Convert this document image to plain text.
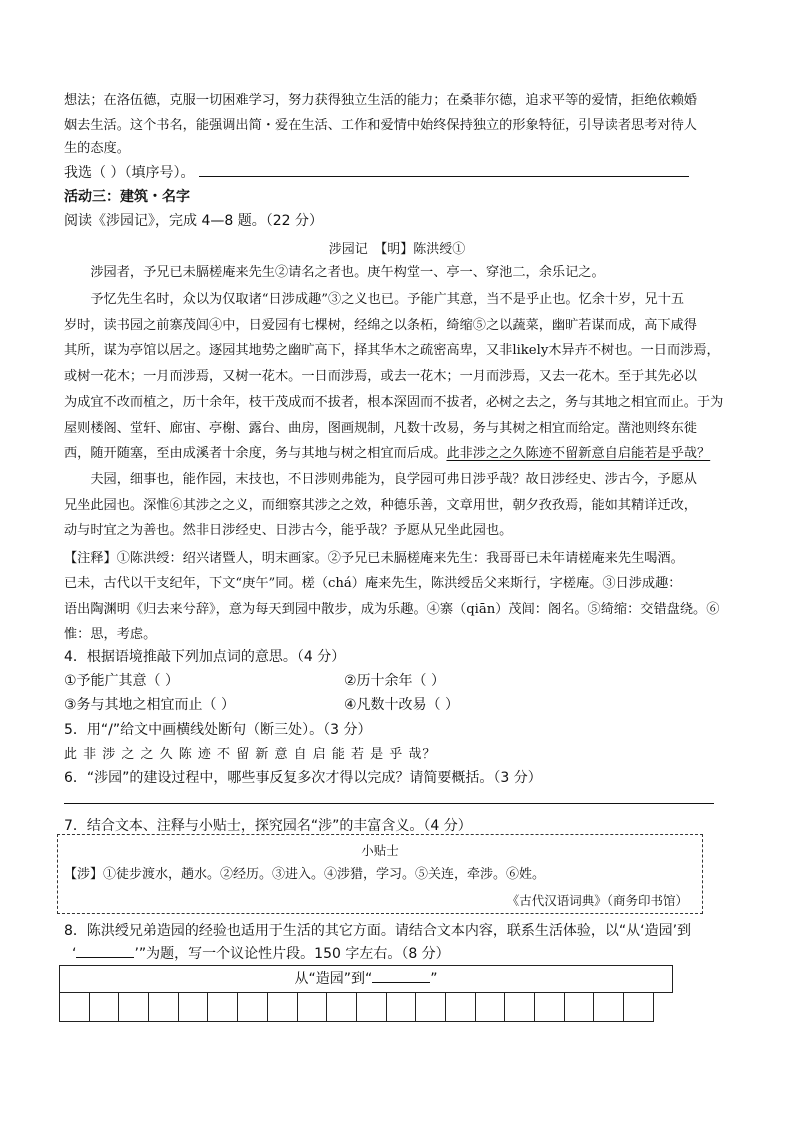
想法；在洛伍德，克服一切困难学习，努力获得独立生活的能力；在桑菲尔德，追求平等的爱情，拒绝依赖婚
姻去生活。这个书名，能强调出简・爱在生活、工作和爱情中始终保持独立的形象特征，引导读者思考对待人
生的态度。
我选（ ）（填序号）。
活动三：建筑・名字
阅读《涉园记》，完成 4—8 题。（22 分）
涉园记　【明】陈洪绶①
　　涉园者，予兄已未膈槎庵来先生②请名之者也。庚午构堂一、亭一、穿池二，余乐记之。
　　予忆先生名时，众以为仅取诸“日涉成趣”③之义也已。予能广其意，当不是乎止也。忆余十岁，兄十五
岁时，读书园之前寨茂闾④中，日爱园有七棵树，经绵之以条柘，绮缩⑤之以蔬菜，幽旷若谋而成，高下咸得
其所，谋为亭馆以居之。逐园其地势之幽旷高下，择其华木之疏密高卑，又非likely木异卉不树也。一日而涉焉，
或树一花木；一月而涉焉，又树一花木。一日而涉焉，或去一花木；一月而涉焉，又去一花木。至于其先必以
为成宜不改而植之，历十余年，枝干茂成而不拔者，根本深固而不拔者，必树之去之，务与其地之相宜而止。于为
屋则楼阁、堂轩、廊宙、亭榭、露台、曲房，图画规制，凡数十改易，务与其树之相宜而给定。凿池则终东徙
西，随开随塞，至由成溪者十余度，务与其地与树之相宜而后成。此非涉之之久陈迹不留新意自启能若是乎哉？
　　夫园，细事也，能作园，末技也，不日涉则弗能为，良学园可弗日涉乎哉？故日涉经史、涉古今，予愿从
兄坐此园也。深惟⑥其涉之之义，而细察其涉之之效，种德乐善，文章用世，朝夕孜孜焉，能如其精详迁改，
动与时宜之为善也。然非日涉经史、日涉古今，能乎哉？予愿从兄坐此园也。
【注释】①陈洪绶：绍兴诸暨人，明末画家。②予兄已未膈槎庵来先生：我哥哥已未年请槎庵来先生喝酒。
已未，古代以干支纪年，下文“庚午”同。槎（chá）庵来先生，陈洪绶岳父来斯行，字槎庵。③日涉成趣：
语出陶渊明《归去来兮辞》，意为每天到园中散步，成为乐趣。④寨（qiān）茂闾：阁名。⑤绮缩：交错盘绕。⑥
惟：思，考虑。
4．根据语境推敲下列加点词的意思。（4 分）
①予能广其意（ ）	②历十余年（ ）
③务与其地之相宜而止（ ）	④凡数十改易（ ）
5．用“/”给文中画横线处断句（断三处）。（3 分）
此 非 涉 之 之 久 陈 迹 不 留 新 意 自 启 能 若 是 乎 哉？
6．“涉园”的建设过程中，哪些事反复多次才得以完成？请简要概括。（3 分）
7．结合文本、注释与小贴士，探究园名“涉”的丰富含义。（4 分）
小贴士
【涉】①徒步渡水，趟水。②经历。③进入。④涉猎，学习。⑤关连，牵涉。⑥姓。
《古代汉语词典》（商务印书馆）
8．陈洪绶兄弟造园的经验也适用于生活的其它方面。请结合文本内容，联系生活体验，以“从‘造园’到
‘	’”为题，写一个议论性片段。150 字左右。（8 分）
从“造园”到“	”
